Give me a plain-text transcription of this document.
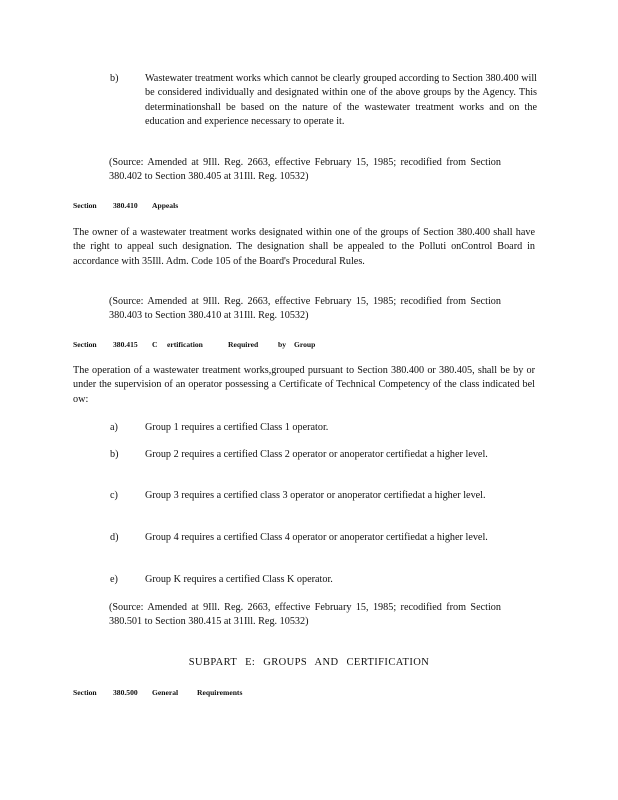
b)	Wastewater treatment works which cannot be clearly grouped according to Section 380.400 will be considered individually and designated within one of the above groups by the Agency. This determinationshall be based on the nature of the wastewater treatment works and on the education and experience necessary to operate it.

(Source: Amended at 9Ill. Reg. 2663, effective February 15, 1985; recodified from Section 380.402 to Section 380.405 at 31Ill. Reg. 10532)

Section 380.410 Appeals

The owner of a wastewater treatment works designated within one of the groups of Section 380.400 shall have the right to appeal such designation. The designation shall be appealed to the Polluti onControl Board in accordance with 35Ill. Adm. Code 105 of the Board's Procedural Rules.

(Source: Amended at 9Ill. Reg. 2663, effective February 15, 1985; recodified from Section 380.403 to Section 380.410 at 31Ill. Reg. 10532)

Section 380.415 C ertification	Required	by Group

The operation of a wastewater treatment works,grouped pursuant to Section 380.400 or 380.405, shall be by or under the supervision of an operator possessing a Certificate of Technical Competency of the class indicated bel ow:

a)	Group 1 requires a certified Class 1 operator.

b)	Group 2 requires a certified Class 2 operator or anoperator certifiedat a higher level.

c)	Group 3 requires a certified class 3 operator or anoperator certifiedat a higher level.

d)	Group 4 requires a certified Class 4 operator or anoperator certifiedat a higher level.

e)	Group K requires a certified Class K operator.

(Source: Amended at 9Ill. Reg. 2663, effective February 15, 1985; recodified from Section 380.501 to Section 380.415 at 31Ill. Reg. 10532)

SUBPART E: GROUPS AND CERTIFICATION
Section 380.500 General Requirements
